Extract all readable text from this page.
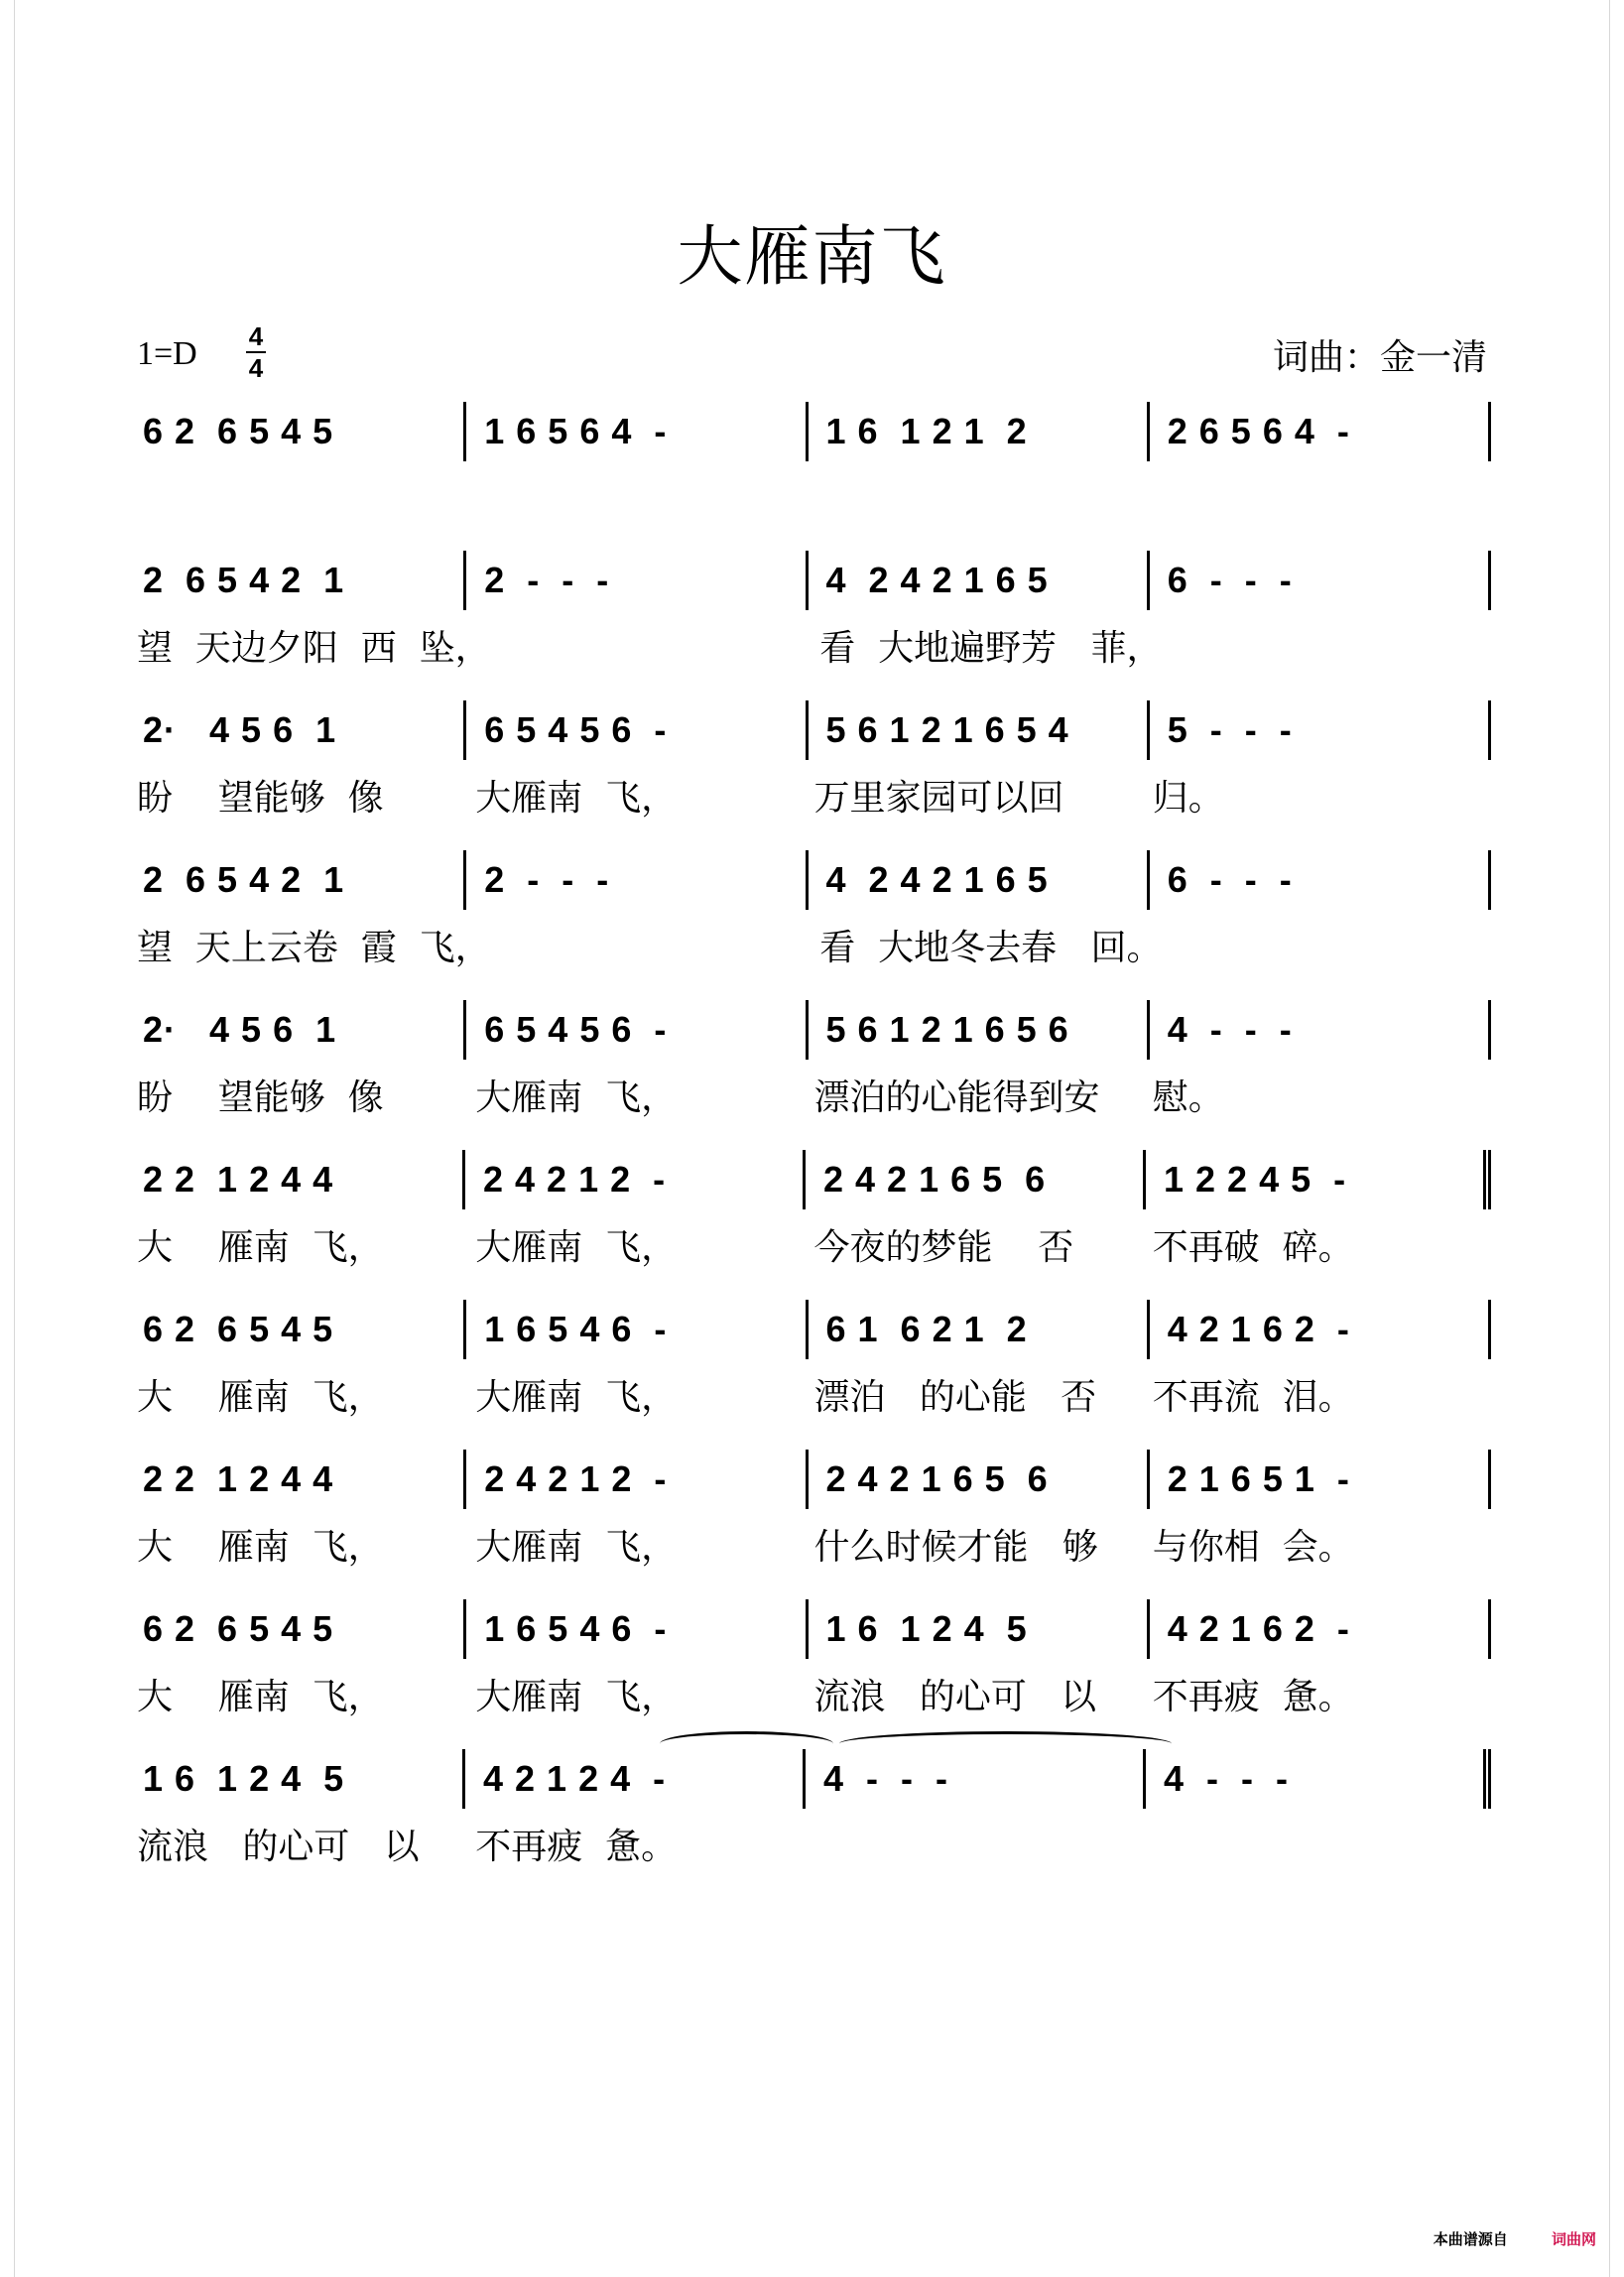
大雁南飞
1=D 4
4	词曲：金一清
6 2  6 5 4 5	1 6 5 6 4  -	1 6  1 2 1  2	2 6 5 6 4  -
2  6 5 4 2  1	2  -  -  -	4  2 4 2 1 6 5	6  -  -  -
望  天边夕阳  西  坠，	看  大地遍野芳   菲，
2·   4 5 6  1	6 5 4 5 6  -	5 6 1 2 1 6 5 4	5  -  -  -
盼    望能够  像	大雁南  飞，	万里家园可以回	归。
2  6 5 4 2  1	2  -  -  -	4  2 4 2 1 6 5	6  -  -  -
望  天上云卷  霞  飞，	看  大地冬去春   回。
2·   4 5 6  1	6 5 4 5 6  -	5 6 1 2 1 6 5 6	4  -  -  -
盼    望能够  像	大雁南  飞，	漂泊的心能得到安	慰。
2 2  1 2 4 4	2 4 2 1 2  -	2 4 2 1 6 5  6	1 2 2 4 5  -
大    雁南  飞，	大雁南  飞，	今夜的梦能    否	不再破  碎。
6 2  6 5 4 5	1 6 5 4 6  -	6 1  6 2 1  2	4 2 1 6 2  -
大    雁南  飞，	大雁南  飞，	漂泊   的心能   否	不再流  泪。
2 2  1 2 4 4	2 4 2 1 2  -	2 4 2 1 6 5  6	2 1 6 5 1  -
大    雁南  飞，	大雁南  飞，	什么时候才能   够	与你相  会。
6 2  6 5 4 5	1 6 5 4 6  -	1 6  1 2 4  5	4 2 1 6 2  -
大    雁南  飞，	大雁南  飞，	流浪   的心可   以	不再疲  惫。
1 6  1 2 4  5	4 2 1 2 4  -	4  -  -  -	4  -  -  -
流浪   的心可   以	不再疲  惫。
本曲谱源自	词曲网
